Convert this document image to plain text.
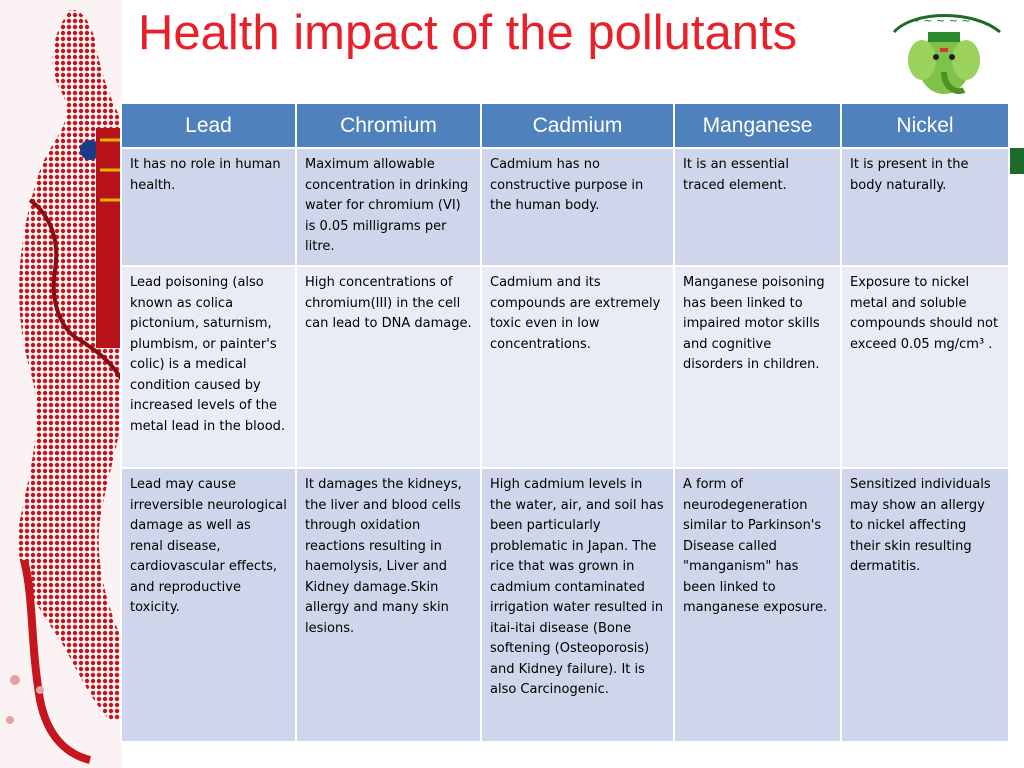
Health impact of the pollutants	~ ~ ~ ~ ~ ~
Lead	Chromium	Cadmium	Manganese	Nickel
It has no role in human health.	Maximum allowable concentration in drinking water for chromium (VI) is 0.05 milligrams per litre.	Cadmium has no constructive purpose in the human body.	It is an essential traced element.	It is present in the body naturally.
Lead poisoning (also known as colica pictonium, saturnism, plumbism, or painter's colic) is a medical condition caused by increased levels of the metal lead in the blood.	High concentrations of chromium(III) in the cell can lead to DNA damage.	Cadmium and its compounds are extremely toxic even in low concentrations.	Manganese poisoning has been linked to impaired motor skills and cognitive disorders in children.	Exposure to nickel metal and soluble compounds should not exceed 0.05 mg/cm³ .
Lead may cause irreversible neurological damage as well as renal disease, cardiovascular effects, and reproductive toxicity.	It damages the kidneys, the liver and blood cells through oxidation reactions resulting in haemolysis, Liver and Kidney damage.Skin allergy and many skin lesions.	High cadmium levels in the water, air, and soil has been particularly problematic in Japan. The rice that was grown in cadmium contaminated irrigation water resulted in itai-itai disease (Bone softening (Osteoporosis) and Kidney failure). It is also Carcinogenic.	A form of neurodegeneration similar to Parkinson's Disease called "manganism" has been linked to manganese exposure.	Sensitized individuals may show an allergy to nickel affecting their skin resulting dermatitis.
